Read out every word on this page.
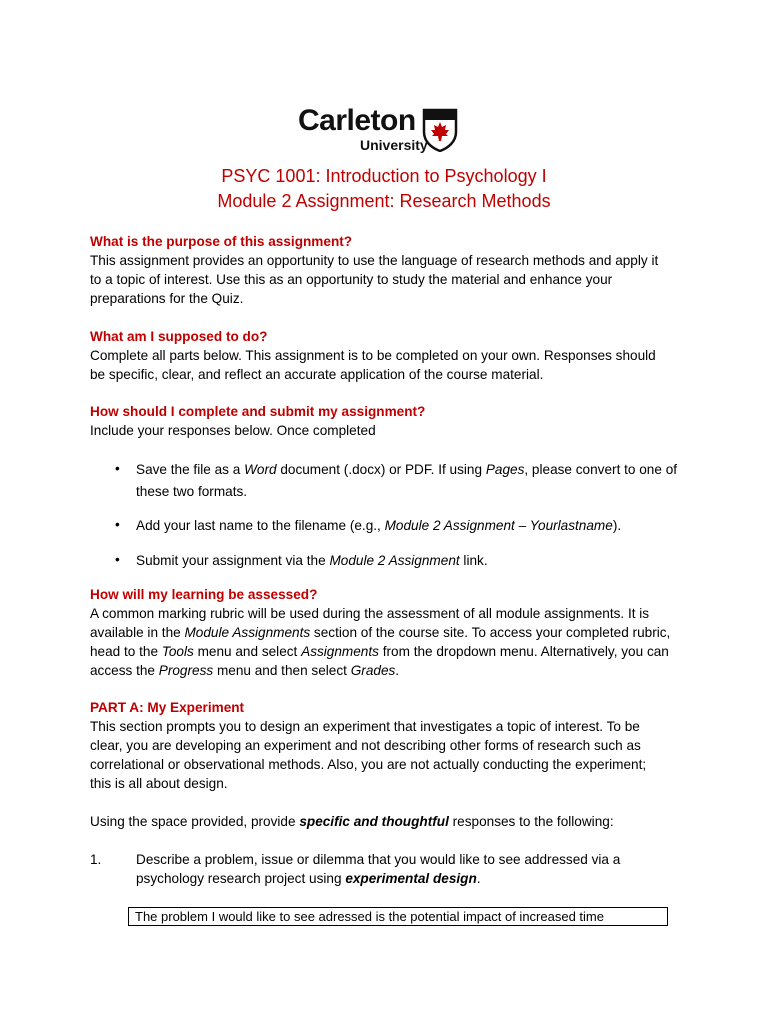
Carleton
University
PSYC 1001: Introduction to Psychology I
Module 2 Assignment: Research Methods
What is the purpose of this assignment?
This assignment provides an opportunity to use the language of research methods and apply it
to a topic of interest. Use this as an opportunity to study the material and enhance your
preparations for the Quiz.
What am I supposed to do?
Complete all parts below. This assignment is to be completed on your own. Responses should
be specific, clear, and reflect an accurate application of the course material.
How should I complete and submit my assignment?
Include your responses below. Once completed
• Save the file as a Word document (.docx) or PDF. If using Pages, please convert to one of these two formats.
• Add your last name to the filename (e.g., Module 2 Assignment – Yourlastname).
• Submit your assignment via the Module 2 Assignment link.
How will my learning be assessed?
A common marking rubric will be used during the assessment of all module assignments. It is
available in the Module Assignments section of the course site. To access your completed rubric,
head to the Tools menu and select Assignments from the dropdown menu. Alternatively, you can
access the Progress menu and then select Grades.
PART A: My Experiment
This section prompts you to design an experiment that investigates a topic of interest. To be
clear, you are developing an experiment and not describing other forms of research such as
correlational or observational methods. Also, you are not actually conducting the experiment;
this is all about design.
Using the space provided, provide specific and thoughtful responses to the following:
1.	Describe a problem, issue or dilemma that you would like to see addressed via a
psychology research project using experimental design.
The problem I would like to see adressed is the potential impact of increased time
